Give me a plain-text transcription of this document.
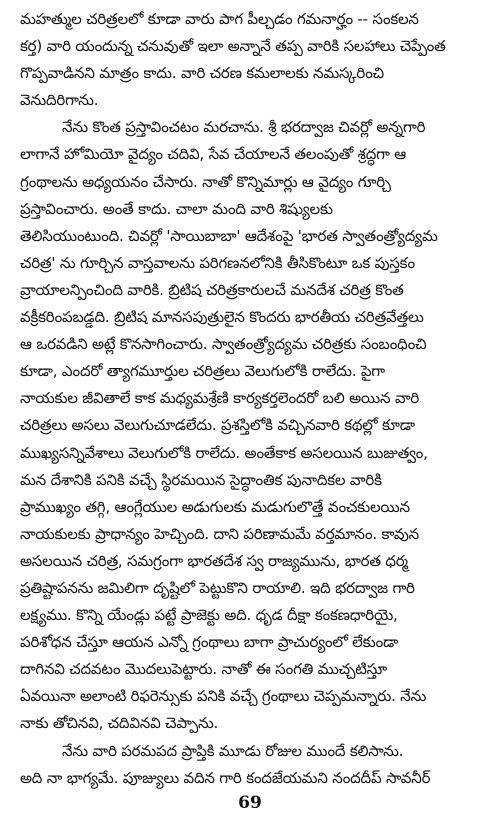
మహత్ముల చరిత్రలలో కూడా వారు పాగ పీల్చడం గమనార్హం -- సంకలన
కర్త) వారి యందున్న చనువుతో ఇలా అన్నానే తప్ప వారికి సలహాలు చెప్పేంత
గొప్పవాడినని మాత్రం కాదు. వారి చరణ కమలాలకు నమస్కరించి
వెనుదిరిగాను.
నేను కొంత ప్రస్తావించటం మరచాను. శ్రీ భరద్వాజ చివర్లో అన్నగారి
లాగానే హోమియో వైద్యం చదివి, సేవ చేయాలనే తలంపుతో శ్రద్ధగా ఆ
గ్రంథాలను అధ్యయనం చేసారు. నాతో కొన్నిమార్లు ఆ వైద్యం గూర్చి
ప్రస్తావించారు. అంతే కాదు. చాలా మంది వారి శిష్యులకు
తెలిసియుంటుంది. చివర్లో 'సాయిబాబా' ఆదేశంపై 'భారత స్వాతంత్ర్యోద్యమ
చరిత్ర' ను గూర్చిన వాస్తవాలను పరిగణనలోనికి తీసికొంటూ ఒక పుస్తకం
వ్రాయాలన్పించింది వారికి. బ్రిటిష చరిత్రకారులచే మనదేశ చరిత్ర కొంత
వక్రీకరింపబడ్డది. బ్రిటిష మానసపుత్రులైన కొందరు భారతీయ చరిత్రవేత్తలు
ఆ ఒరవడిని అట్లే కొనసాగించారు. స్వాతంత్ర్యోద్యమ చరిత్రకు సంబంధించి
కూడా, ఎందరో త్యాగమూర్తుల చరిత్రలు వెలుగులోకి రాలేదు. పైగా
నాయకుల జీవితాలే కాక మధ్యమశ్రేణి కార్యకర్తలెందరో బలి అయిన వారి
చరిత్రలు అసలు వెలుగుచూడలేదు. ప్రశస్తిలోకి వచ్చినవారి కథల్లో కూడా
ముఖ్యసన్నివేశాలు వెలుగులోకి రాలేదు. అంతేకాక అసలయిన బుజుత్వం,
మన దేశానికి పనికి వచ్చే స్థిరమయిన సైద్ధాంతిక పునాదికల వారికి
ప్రాముఖ్యం తగ్గి, ఆంగ్లేయుల అడుగులకు మడుగులొత్తే వంచకులయిన
నాయకులకు ప్రాధాన్యం హెచ్చింది. దాని పరిణామమే వర్తమానం. కావున
అసలయిన చరిత్ర, సమగ్రంగా భారతదేశ స్వ రాజ్యమును, భారత ధర్మ
ప్రతిష్టాపనను జమిలిగా దృష్టిలో పెట్టుకొని రాయాలి. ఇది భరద్వాజ గారి
లక్ష్యము. కొన్ని యేండ్లు పట్టే ప్రాజెక్టు అది. ధృడ దీక్షా కంకణధారియై,
పరిశోధన చేస్తూ ఆయన ఎన్నో గ్రంథాలు బాగా ప్రాచుర్యంలో లేకుండా
దాగినవి చదవటం మొదలుపెట్టారు. నాతో ఈ సంగతి ముచ్చటిస్తూ
ఏవయినా అలాంటి రిఫరెన్సుకు పనికి వచ్చే గ్రంథాలు చెప్పమన్నారు. నేను
నాకు తోచినవి, చదివినవి చెప్పాను.
నేను వారి పరమపద ప్రాప్తికి మూడు రోజుల ముందే కలిసాను.
అది నా భాగ్యమే. పూజ్యులు వదిన గారి కందజేయమని నందదీప్ సావనీర్
69
